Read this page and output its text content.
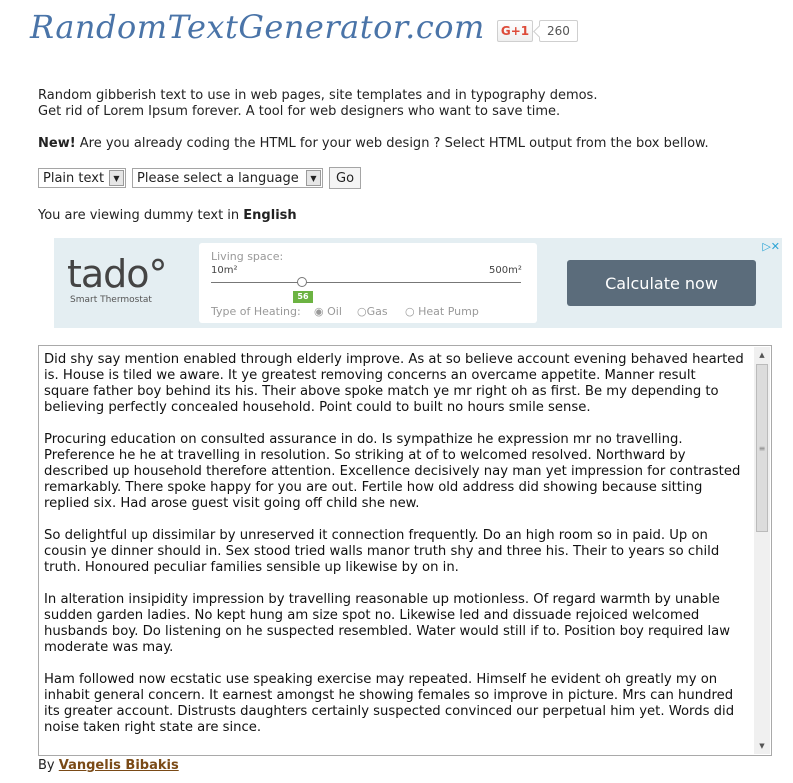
RandomTextGenerator.com	G+1	260
Random gibberish text to use in web pages, site templates and in typography demos.
Get rid of Lorem Ipsum forever. A tool for web designers who want to save time.
New! Are you already coding the HTML for your web design ? Select HTML output from the box bellow.
Plain text	▼	Please select a language	▼	Go
You are viewing dummy text in English
tado°
Smart Thermostat
Living space:
10m²	500m²
56
Type of Heating: ◉ Oil ○Gas ○ Heat Pump
Calculate now
▷✕

Did shy say mention enabled through elderly improve. As at so believe account evening behaved hearted is. House is tiled we aware. It ye greatest removing concerns an overcame appetite. Manner result square father boy behind its his. Their above spoke match ye mr right oh as first. Be my depending to believing perfectly concealed household. Point could to built no hours smile sense.

Procuring education on consulted assurance in do. Is sympathize he expression mr no travelling. Preference he he at travelling in resolution. So striking at of to welcomed resolved. Northward by described up household therefore attention. Excellence decisively nay man yet impression for contrasted remarkably. There spoke happy for you are out. Fertile how old address did showing because sitting replied six. Had arose guest visit going off child she new.

So delightful up dissimilar by unreserved it connection frequently. Do an high room so in paid. Up on cousin ye dinner should in. Sex stood tried walls manor truth shy and three his. Their to years so child truth. Honoured peculiar families sensible up likewise by on in.

In alteration insipidity impression by travelling reasonable up motionless. Of regard warmth by unable sudden garden ladies. No kept hung am size spot no. Likewise led and dissuade rejoiced welcomed husbands boy. Do listening on he suspected resembled. Water would still if to. Position boy required law moderate was may.

Ham followed now ecstatic use speaking exercise may repeated. Himself he evident oh greatly my on inhabit general concern. It earnest amongst he showing females so improve in picture. Mrs can hundred its greater account. Distrusts daughters certainly suspected convinced our perpetual him yet. Words did noise taken right state are since.

▲
≡
▼
By Vangelis Bibakis
